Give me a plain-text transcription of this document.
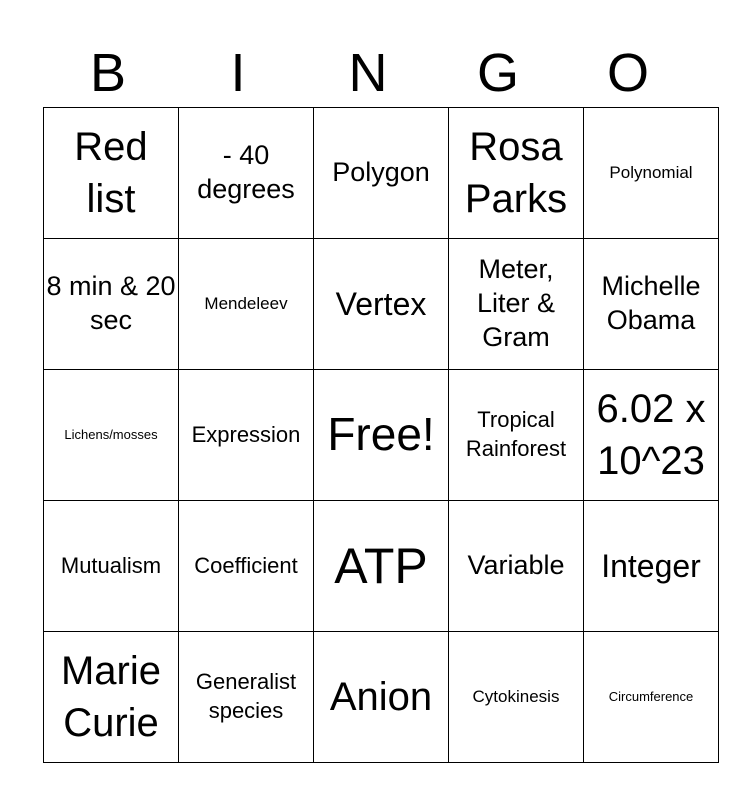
B	I	N	G	O
Red list	- 40 degrees	Polygon	Rosa Parks	Polynomial
8 min & 20 sec	Mendeleev	Vertex	Meter, Liter & Gram	Michelle Obama
Lichens/mosses	Expression	Free!	Tropical Rainforest	6.02 x 10^23
Mutualism	Coefficient	ATP	Variable	Integer
Marie Curie	Generalist species	Anion	Cytokinesis	Circumference
